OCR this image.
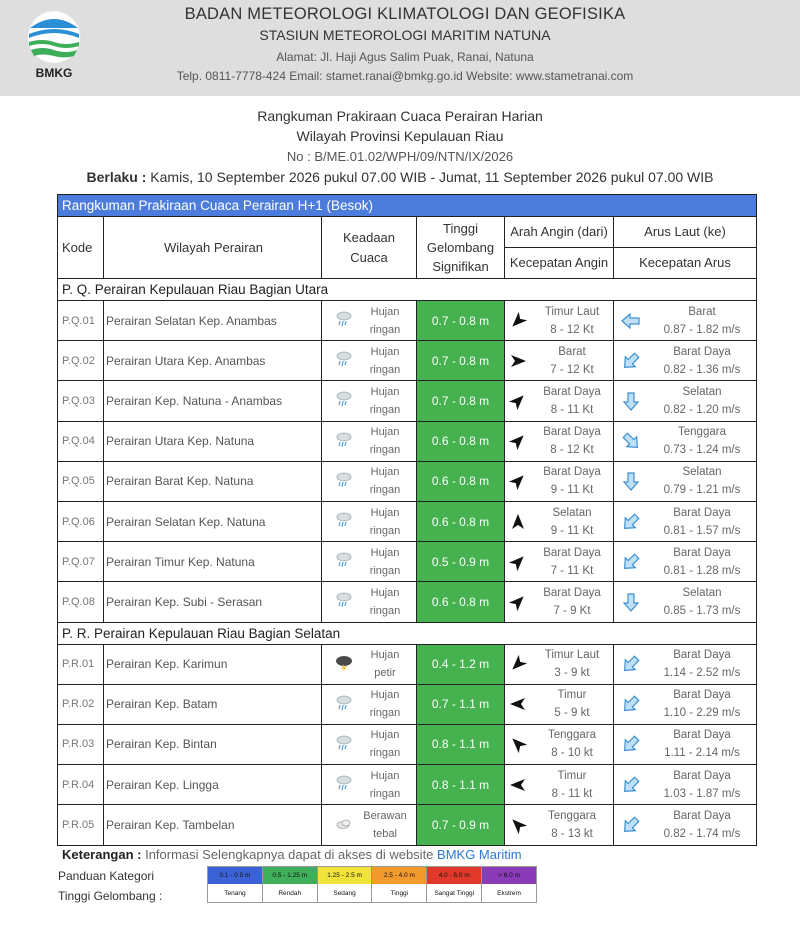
BMKG
BADAN METEOROLOGI KLIMATOLOGI DAN GEOFISIKA
STASIUN METEOROLOGI MARITIM NATUNA
Alamat: Jl. Haji Agus Salim Puak, Ranai, Natuna
Telp. 0811-7778-424 Email: stamet.ranai@bmkg.go.id Website: www.stametranai.com
Rangkuman Prakiraan Cuaca Perairan Harian
Wilayah Provinsi Kepulauan Riau
No : B/ME.01.02/WPH/09/NTN/IX/2026
Berlaku : Kamis, 10 September 2026 pukul 07.00 WIB - Jumat, 11 September 2026 pukul 07.00 WIB
Rangkuman Prakiraan Cuaca Perairan H+1 (Besok)
Kode	Wilayah Perairan
Keadaan Cuaca
Tinggi Gelombang Signifikan
Arah Angin (dari)
Kecepatan Angin
Arus Laut (ke)
Kecepatan Arus
P. Q. Perairan Kepulauan Riau Bagian Utara
P.Q.01 Perairan Selatan Kep. Anambas
Hujan
ringan
0.7 - 0.8 m
Timur Laut
8 - 12 Kt
Barat
0.87 - 1.82 m/s
P.Q.02 Perairan Utara Kep. Anambas
Hujan
ringan
0.7 - 0.8 m
Barat
7 - 12 Kt
Barat Daya
0.82 - 1.36 m/s
P.Q.03 Perairan Kep. Natuna - Anambas
Hujan
ringan
0.7 - 0.8 m
Barat Daya
8 - 11 Kt
Selatan
0.82 - 1.20 m/s
P.Q.04 Perairan Utara Kep. Natuna
Hujan
ringan
0.6 - 0.8 m
Barat Daya
8 - 12 Kt
Tenggara
0.73 - 1.24 m/s
P.Q.05 Perairan Barat Kep. Natuna
Hujan
ringan
0.6 - 0.8 m
Barat Daya
9 - 11 Kt
Selatan
0.79 - 1.21 m/s
P.Q.06 Perairan Selatan Kep. Natuna
Hujan
ringan
0.6 - 0.8 m
Selatan
9 - 11 Kt
Barat Daya
0.81 - 1.57 m/s
P.Q.07 Perairan Timur Kep. Natuna
Hujan
ringan
0.5 - 0.9 m
Barat Daya
7 - 11 Kt
Barat Daya
0.81 - 1.28 m/s
P.Q.08 Perairan Kep. Subi - Serasan
Hujan
ringan
0.6 - 0.8 m
Barat Daya
7 - 9 Kt
Selatan
0.85 - 1.73 m/s
P. R. Perairan Kepulauan Riau Bagian Selatan
P.R.01 Perairan Kep. Karimun
Hujan petir
0.4 - 1.2 m
Timur Laut
3 - 9 kt
Barat Daya
1.14 - 2.52 m/s
P.R.02 Perairan Kep. Batam
Hujan
ringan
0.7 - 1.1 m
Timur
5 - 9 kt
Barat Daya
1.10 - 2.29 m/s
P.R.03 Perairan Kep. Bintan
Hujan
ringan
0.8 - 1.1 m
Tenggara
8 - 10 kt
Barat Daya
1.11 - 2.14 m/s
P.R.04 Perairan Kep. Lingga
Hujan
ringan
0.8 - 1.1 m
Timur
8 - 11 kt
Barat Daya
1.03 - 1.87 m/s
P.R.05 Perairan Kep. Tambelan
Berawan
tebal
0.7 - 0.9 m
Tenggara
8 - 13 kt
Barat Daya
0.82 - 1.74 m/s
Keterangan : Informasi Selengkapnya dapat di akses di website BMKG Maritim
Panduan Kategori
Tinggi Gelombang :
0.1 - 0.5 m
Tenang
0.5 - 1.25 m
Rendah
1.25 - 2.5 m
Sedang
2.5 - 4.0 m
Tinggi
4.0 - 6.0 m
Sangat Tinggi
> 6.0 m
Ekstrem
